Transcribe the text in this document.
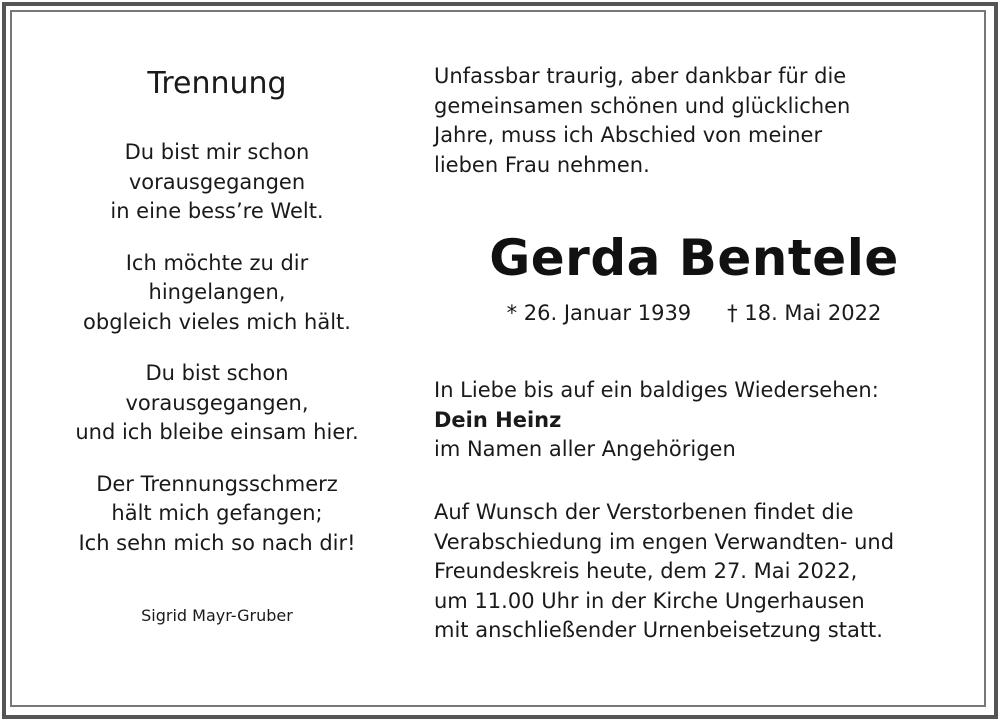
Trennung
Du bist mir schon
vorausgegangen
in eine bess’re Welt.
Ich möchte zu dir
hingelangen,
obgleich vieles mich hält.
Du bist schon
vorausgegangen,
und ich bleibe einsam hier.
Der Trennungsschmerz
hält mich gefangen;
Ich sehn mich so nach dir!
Sigrid Mayr-Gruber
Unfassbar traurig, aber dankbar für die
gemeinsamen schönen und glücklichen
Jahre, muss ich Abschied von meiner
lieben Frau nehmen.
Gerda Bentele
* 26. Januar 1939 † 18. Mai 2022
In Liebe bis auf ein baldiges Wiedersehen:
Dein Heinz
im Namen aller Angehörigen
Auf Wunsch der Verstorbenen findet die
Verabschiedung im engen Verwandten- und
Freundeskreis heute, dem 27. Mai 2022,
um 11.00 Uhr in der Kirche Ungerhausen
mit anschließender Urnenbeisetzung statt.
